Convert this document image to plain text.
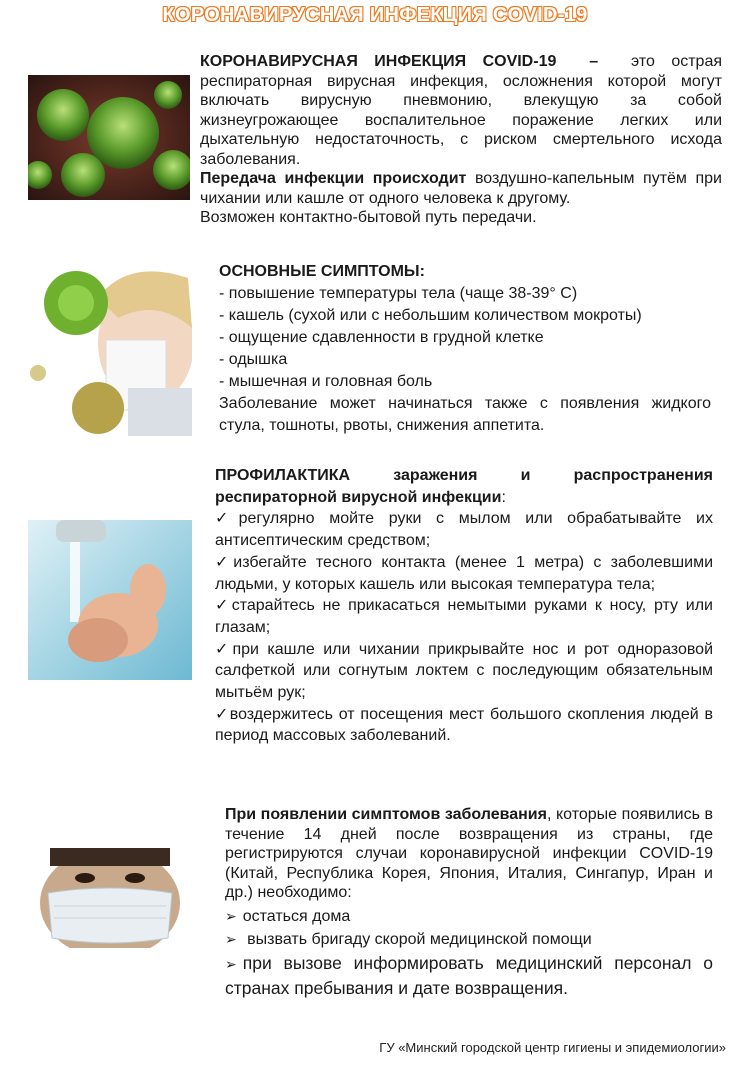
КОРОНАВИРУСНАЯ ИНФЕКЦИЯ COVID-19

КОРОНАВИРУСНАЯ ИНФЕКЦИЯ COVID-19 – это острая респираторная вирусная инфекция, осложнения которой могут включать вирусную пневмонию, влекущую за собой жизнеугрожающее воспалительное поражение легких или дыхательную недостаточность, с риском смертельного исхода заболевания.

Передача инфекции происходит воздушно-капельным путём при чихании или кашле от одного человека к другому.

Возможен контактно-бытовой путь передачи.

ОСНОВНЫЕ СИМПТОМЫ:

- повышение температуры тела (чаще 38-39° С)

- кашель (сухой или с небольшим количеством мокроты)

- ощущение сдавленности в грудной клетке

- одышка

- мышечная и головная боль

Заболевание может начинаться также с появления жидкого стула, тошноты, рвоты, снижения аппетита.

ПРОФИЛАКТИКА заражения и распространения респираторной вирусной инфекции:

✓регулярно мойте руки с мылом или обрабатывайте их антисептическим средством;

✓избегайте тесного контакта (менее 1 метра) с заболевшими людьми, у которых кашель или высокая температура тела;

✓старайтесь не прикасаться немытыми руками к носу, рту или глазам;

✓при кашле или чихании прикрывайте нос и рот одноразовой салфеткой или согнутым локтем с последующим обязательным мытьём рук;

✓воздержитесь от посещения мест большого скопления людей в период массовых заболеваний.

При появлении симптомов заболевания, которые появились в течение 14 дней после возвращения из страны, где регистрируются случаи коронавирусной инфекции COVID-19 (Китай, Республика Корея, Япония, Италия, Сингапур, Иран и др.) необходимо:

➢ остаться дома
➢ вызвать бригаду скорой медицинской помощи
➢ при вызове информировать медицинский персонал о странах пребывания и дате возвращения.
ГУ «Минский городской центр гигиены и эпидемиологии»
